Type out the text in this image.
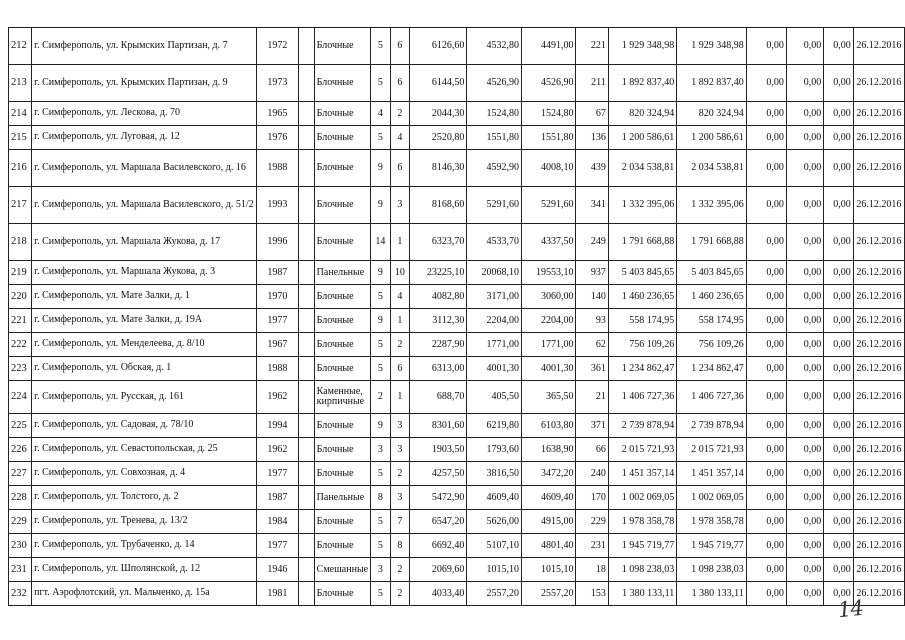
212	г. Симферополь, ул. Крымских Партизан, д. 7	1972		Блочные	5	6	6126,60	4532,80	4491,00	221	1 929 348,98	1 929 348,98	0,00	0,00	0,00	26.12.2016
213	г. Симферополь, ул. Крымских Партизан, д. 9	1973		Блочные	5	6	6144,50	4526,90	4526,90	211	1 892 837,40	1 892 837,40	0,00	0,00	0,00	26.12.2016
214	г. Симферополь, ул. Лескова, д. 70	1965		Блочные	4	2	2044,30	1524,80	1524,80	67	820 324,94	820 324,94	0,00	0,00	0,00	26.12.2016
215	г. Симферополь, ул. Луговая, д. 12	1976		Блочные	5	4	2520,80	1551,80	1551,80	136	1 200 586,61	1 200 586,61	0,00	0,00	0,00	26.12.2016
216	г. Симферополь, ул. Маршала Василевского, д. 16	1988		Блочные	9	6	8146,30	4592,90	4008,10	439	2 034 538,81	2 034 538,81	0,00	0,00	0,00	26.12.2016
217	г. Симферополь, ул. Маршала Василевского, д. 51/2	1993		Блочные	9	3	8168,60	5291,60	5291,60	341	1 332 395,06	1 332 395,06	0,00	0,00	0,00	26.12.2016
218	г. Симферополь, ул. Маршала Жукова, д. 17	1996		Блочные	14	1	6323,70	4533,70	4337,50	249	1 791 668,88	1 791 668,88	0,00	0,00	0,00	26.12.2016
219	г. Симферополь, ул. Маршала Жукова, д. 3	1987		Панельные	9	10	23225,10	20068,10	19553,10	937	5 403 845,65	5 403 845,65	0,00	0,00	0,00	26.12.2016
220	г. Симферополь, ул. Мате Залки, д. 1	1970		Блочные	5	4	4082,80	3171,00	3060,00	140	1 460 236,65	1 460 236,65	0,00	0,00	0,00	26.12.2016
221	г. Симферополь, ул. Мате Залки, д. 19А	1977		Блочные	9	1	3112,30	2204,00	2204,00	93	558 174,95	558 174,95	0,00	0,00	0,00	26.12.2016
222	г. Симферополь, ул. Менделеева, д. 8/10	1967		Блочные	5	2	2287,90	1771,00	1771,00	62	756 109,26	756 109,26	0,00	0,00	0,00	26.12.2016
223	г. Симферополь, ул. Обская, д. 1	1988		Блочные	5	6	6313,00	4001,30	4001,30	361	1 234 862,47	1 234 862,47	0,00	0,00	0,00	26.12.2016
224	г. Симферополь, ул. Русская, д. 161	1962		Каменные, кирпичные	2	1	688,70	405,50	365,50	21	1 406 727,36	1 406 727,36	0,00	0,00	0,00	26.12.2016
225	г. Симферополь, ул. Садовая, д. 78/10	1994		Блочные	9	3	8301,60	6219,80	6103,80	371	2 739 878,94	2 739 878,94	0,00	0,00	0,00	26.12.2016
226	г. Симферополь, ул. Севастопольская, д. 25	1962		Блочные	3	3	1903,50	1793,60	1638,90	66	2 015 721,93	2 015 721,93	0,00	0,00	0,00	26.12.2016
227	г. Симферополь, ул. Совхозная, д. 4	1977		Блочные	5	2	4257,50	3816,50	3472,20	240	1 451 357,14	1 451 357,14	0,00	0,00	0,00	26.12.2016
228	г. Симферополь, ул. Толстого, д. 2	1987		Панельные	8	3	5472,90	4609,40	4609,40	170	1 002 069,05	1 002 069,05	0,00	0,00	0,00	26.12.2016
229	г. Симферополь, ул. Тренева, д. 13/2	1984		Блочные	5	7	6547,20	5626,00	4915,00	229	1 978 358,78	1 978 358,78	0,00	0,00	0,00	26.12.2016
230	г. Симферополь, ул. Трубаченко, д. 14	1977		Блочные	5	8	6692,40	5107,10	4801,40	231	1 945 719,77	1 945 719,77	0,00	0,00	0,00	26.12.2016
231	г. Симферополь, ул. Шполянской, д. 12	1946		Смешанные	3	2	2069,60	1015,10	1015,10	18	1 098 238,03	1 098 238,03	0,00	0,00	0,00	26.12.2016
232	пгт. Аэрофлотский, ул. Мальченко, д. 15а	1981		Блочные	5	2	4033,40	2557,20	2557,20	153	1 380 133,11	1 380 133,11	0,00	0,00	0,00	26.12.2016
14
